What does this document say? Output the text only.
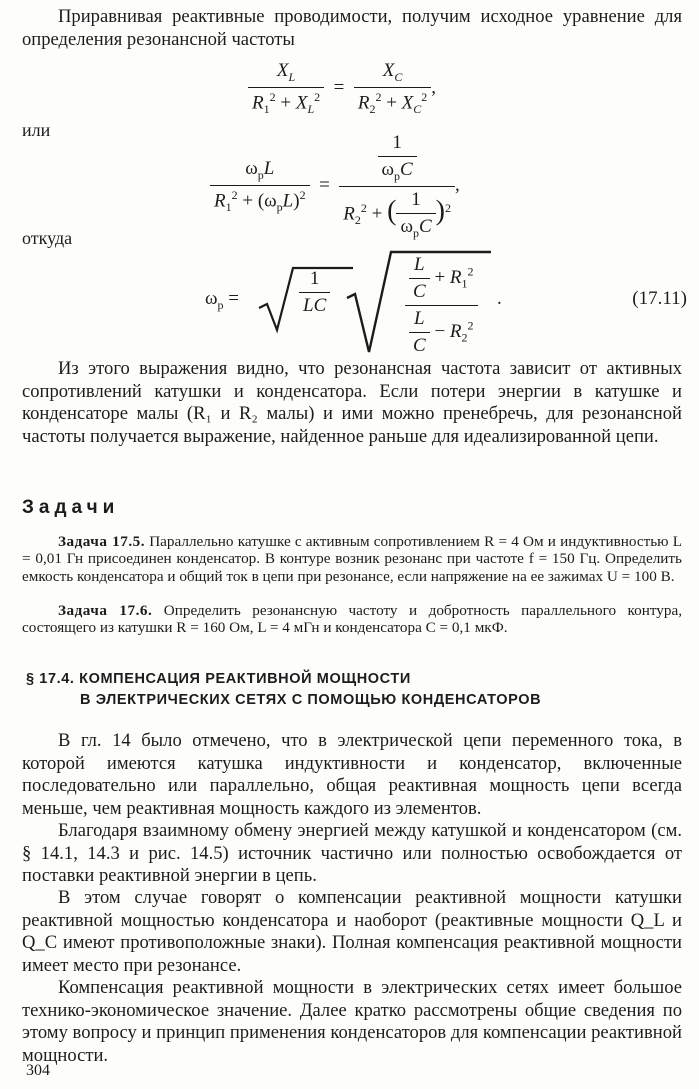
Приравнивая реактивные проводимости, получим исходное уравнение для определения резонансной частоты

$\frac{X_L}{R_1^2 + X_L^2} = \frac{X_C}{R_2^2 + X_C^2}$ ,
или
$\frac{\omega_рL}{R_1^2 + (\omega_рL)^2} = \frac{\frac{1}{\omega_рC}}{R_2^2 + ( \frac{1}{\omega_рC} )^2}$ ,
откуда
$\omega_р$ =	$\frac{1}{LC}$	$\frac{\frac{L}{C} + R_1^2}{\frac{L}{C} - R_2^2}$ .	(17.11)

Из этого выражения видно, что резонансная частота зависит от активных сопротивлений катушки и конденсатора. Если потери энергии в катушке и конденсаторе малы (R₁ и R₂ малы) и ими можно пренебречь, для резонансной частоты получается выражение, найденное раньше для идеализированной цепи.

Задачи

Задача 17.5. Параллельно катушке с активным сопротивлением R = 4 Ом и индуктивностью L = 0,01 Гн присоединен конденсатор. В контуре возник резонанс при частоте f = 150 Гц. Определить емкость конденсатора и общий ток в цепи при резонансе, если напряжение на ее зажимах U = 100 В.

Задача 17.6. Определить резонансную частоту и добротность параллельного контура, состоящего из катушки R = 160 Ом, L = 4 мГн и конденсатора C = 0,1 мкФ.

§ 17.4. КОМПЕНСАЦИЯ РЕАКТИВНОЙ МОЩНОСТИ
В ЭЛЕКТРИЧЕСКИХ СЕТЯХ С ПОМОЩЬЮ КОНДЕНСАТОРОВ

В гл. 14 было отмечено, что в электрической цепи переменного тока, в которой имеются катушка индуктивности и конденсатор, включенные последовательно или параллельно, общая реактивная мощность цепи всегда меньше, чем реактивная мощность каждого из элементов.

Благодаря взаимному обмену энергией между катушкой и конденсатором (см. § 14.1, 14.3 и рис. 14.5) источник частично или полностью освобождается от поставки реактивной энергии в цепь.

В этом случае говорят о компенсации реактивной мощности катушки реактивной мощностью конденсатора и наоборот (реактивные мощности Q_L и Q_C имеют противоположные знаки). Полная компенсация реактивной мощности имеет место при резонансе.

Компенсация реактивной мощности в электрических сетях имеет большое технико-экономическое значение. Далее кратко рассмотрены общие сведения по этому вопросу и принцип применения конденсаторов для компенсации реактивной мощности.

304
